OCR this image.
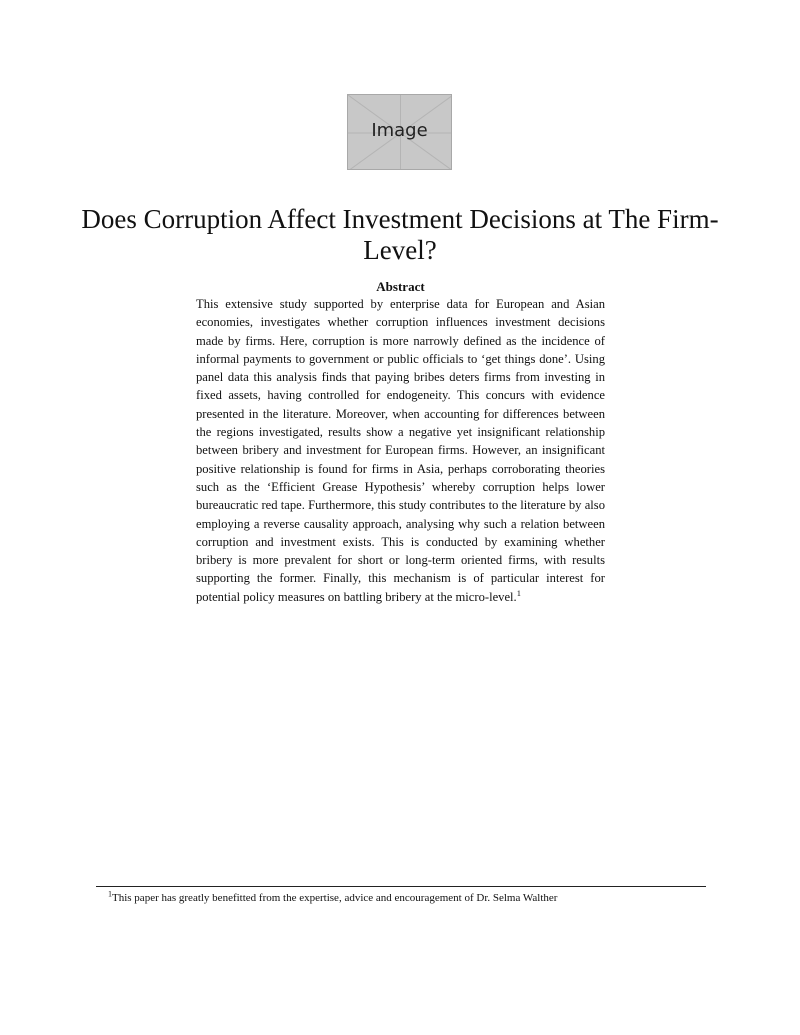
Image
Does Corruption Affect Investment Decisions at The Firm-Level?
Abstract

This extensive study supported by enterprise data for European and Asian economies, investigates whether corruption influences investment decisions made by firms. Here, corruption is more narrowly defined as the incidence of informal payments to government or public officials to ‘get things done’. Using panel data this analysis finds that paying bribes deters firms from investing in fixed assets, having controlled for endogeneity. This concurs with evidence presented in the literature. Moreover, when accounting for differences between the regions investigated, results show a negative yet insignificant relationship between bribery and investment for European firms. However, an insignificant positive relationship is found for firms in Asia, perhaps corroborating theories such as the ‘Efficient Grease Hypothesis’ whereby corruption helps lower bureaucratic red tape. Furthermore, this study contributes to the literature by also employing a reverse causality approach, analysing why such a relation between corruption and investment exists. This is conducted by examining whether bribery is more prevalent for short or long-term oriented firms, with results supporting the former. Finally, this mechanism is of particular interest for potential policy measures on battling bribery at the micro-level.$^1$

$^1$This paper has greatly benefitted from the expertise, advice and encouragement of Dr. Selma Walther
